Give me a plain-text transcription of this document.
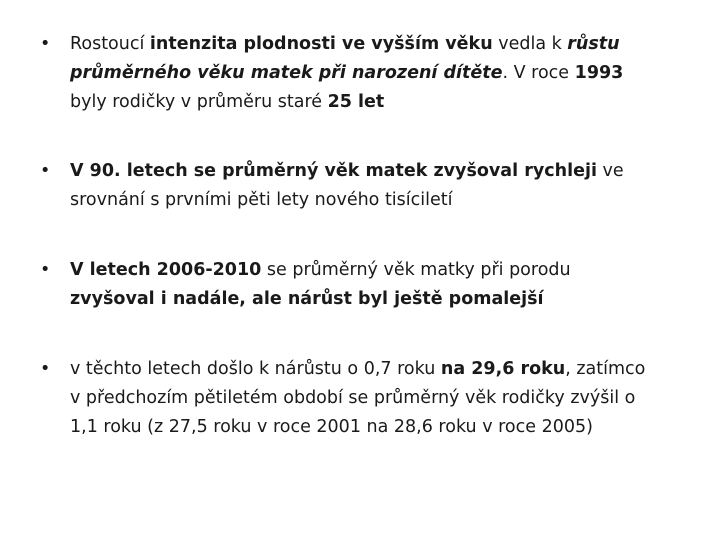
• Rostoucí intenzita plodnosti ve vyšším věku vedla k růstu průměrného věku matek při narození dítěte. V roce 1993 byly rodičky v průměru staré 25 let
• V 90. letech se průměrný věk matek zvyšoval rychleji ve srovnání s prvními pěti lety nového tisíciletí
• V letech 2006-2010 se průměrný věk matky při porodu zvyšoval i nadále, ale nárůst byl ještě pomalejší
• v těchto letech došlo k nárůstu o 0,7 roku na 29,6 roku, zatímco v předchozím pětiletém období se průměrný věk rodičky zvýšil o 1,1 roku (z 27,5 roku v roce 2001 na 28,6 roku v roce 2005)
